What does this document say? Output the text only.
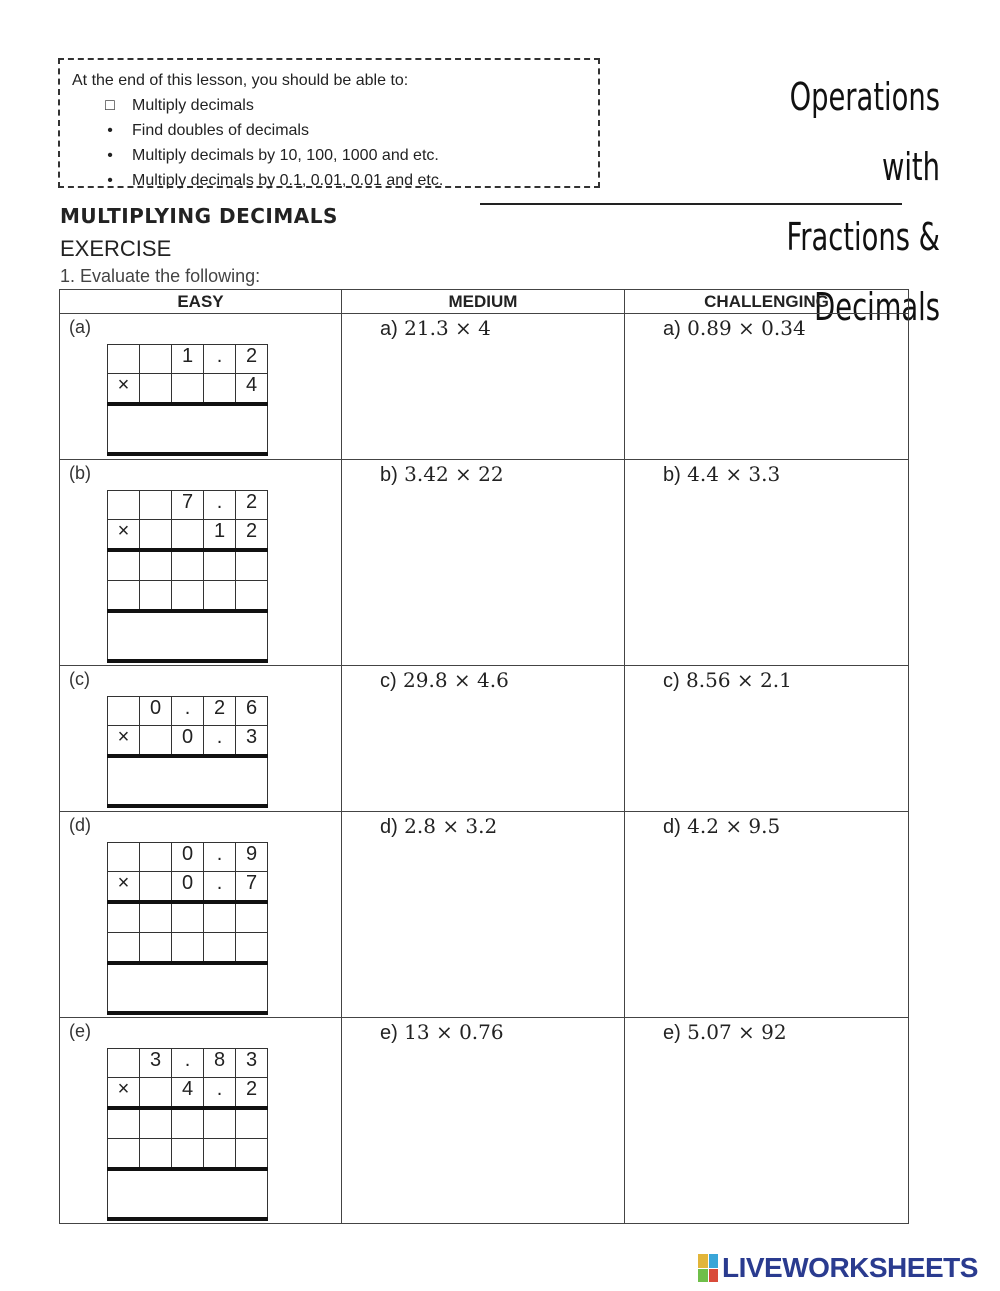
At the end of this lesson, you should be able to:

□ Multiply decimals
•	Find doubles of decimals
•	Multiply decimals by 10, 100, 1000 and etc.
•	Multiply decimals by 0.1, 0.01, 0.01 and etc.
Operations with
Fractions & Decimals
MULTIPLYING DECIMALS
EXERCISE
1. Evaluate the following:
EASY	MEDIUM	CHALLENGING

(a)
		1	.	2
×				4

a) 21.3 × 4	a) 0.89 × 0.34

(b)
		7	.	2
×			1	2

b) 3.42 × 22	b) 4.4 × 3.3

(c)
	0	.	2	6
×		0	.	3

c) 29.8 × 4.6	c) 8.56 × 2.1

(d)
		0	.	9
×		0	.	7

d) 2.8 × 3.2	d) 4.2 × 9.5

(e)
	3	.	8	3
×		4	.	2

e) 13 × 0.76	e) 5.07 × 92
LIVEWORKSHEETS
